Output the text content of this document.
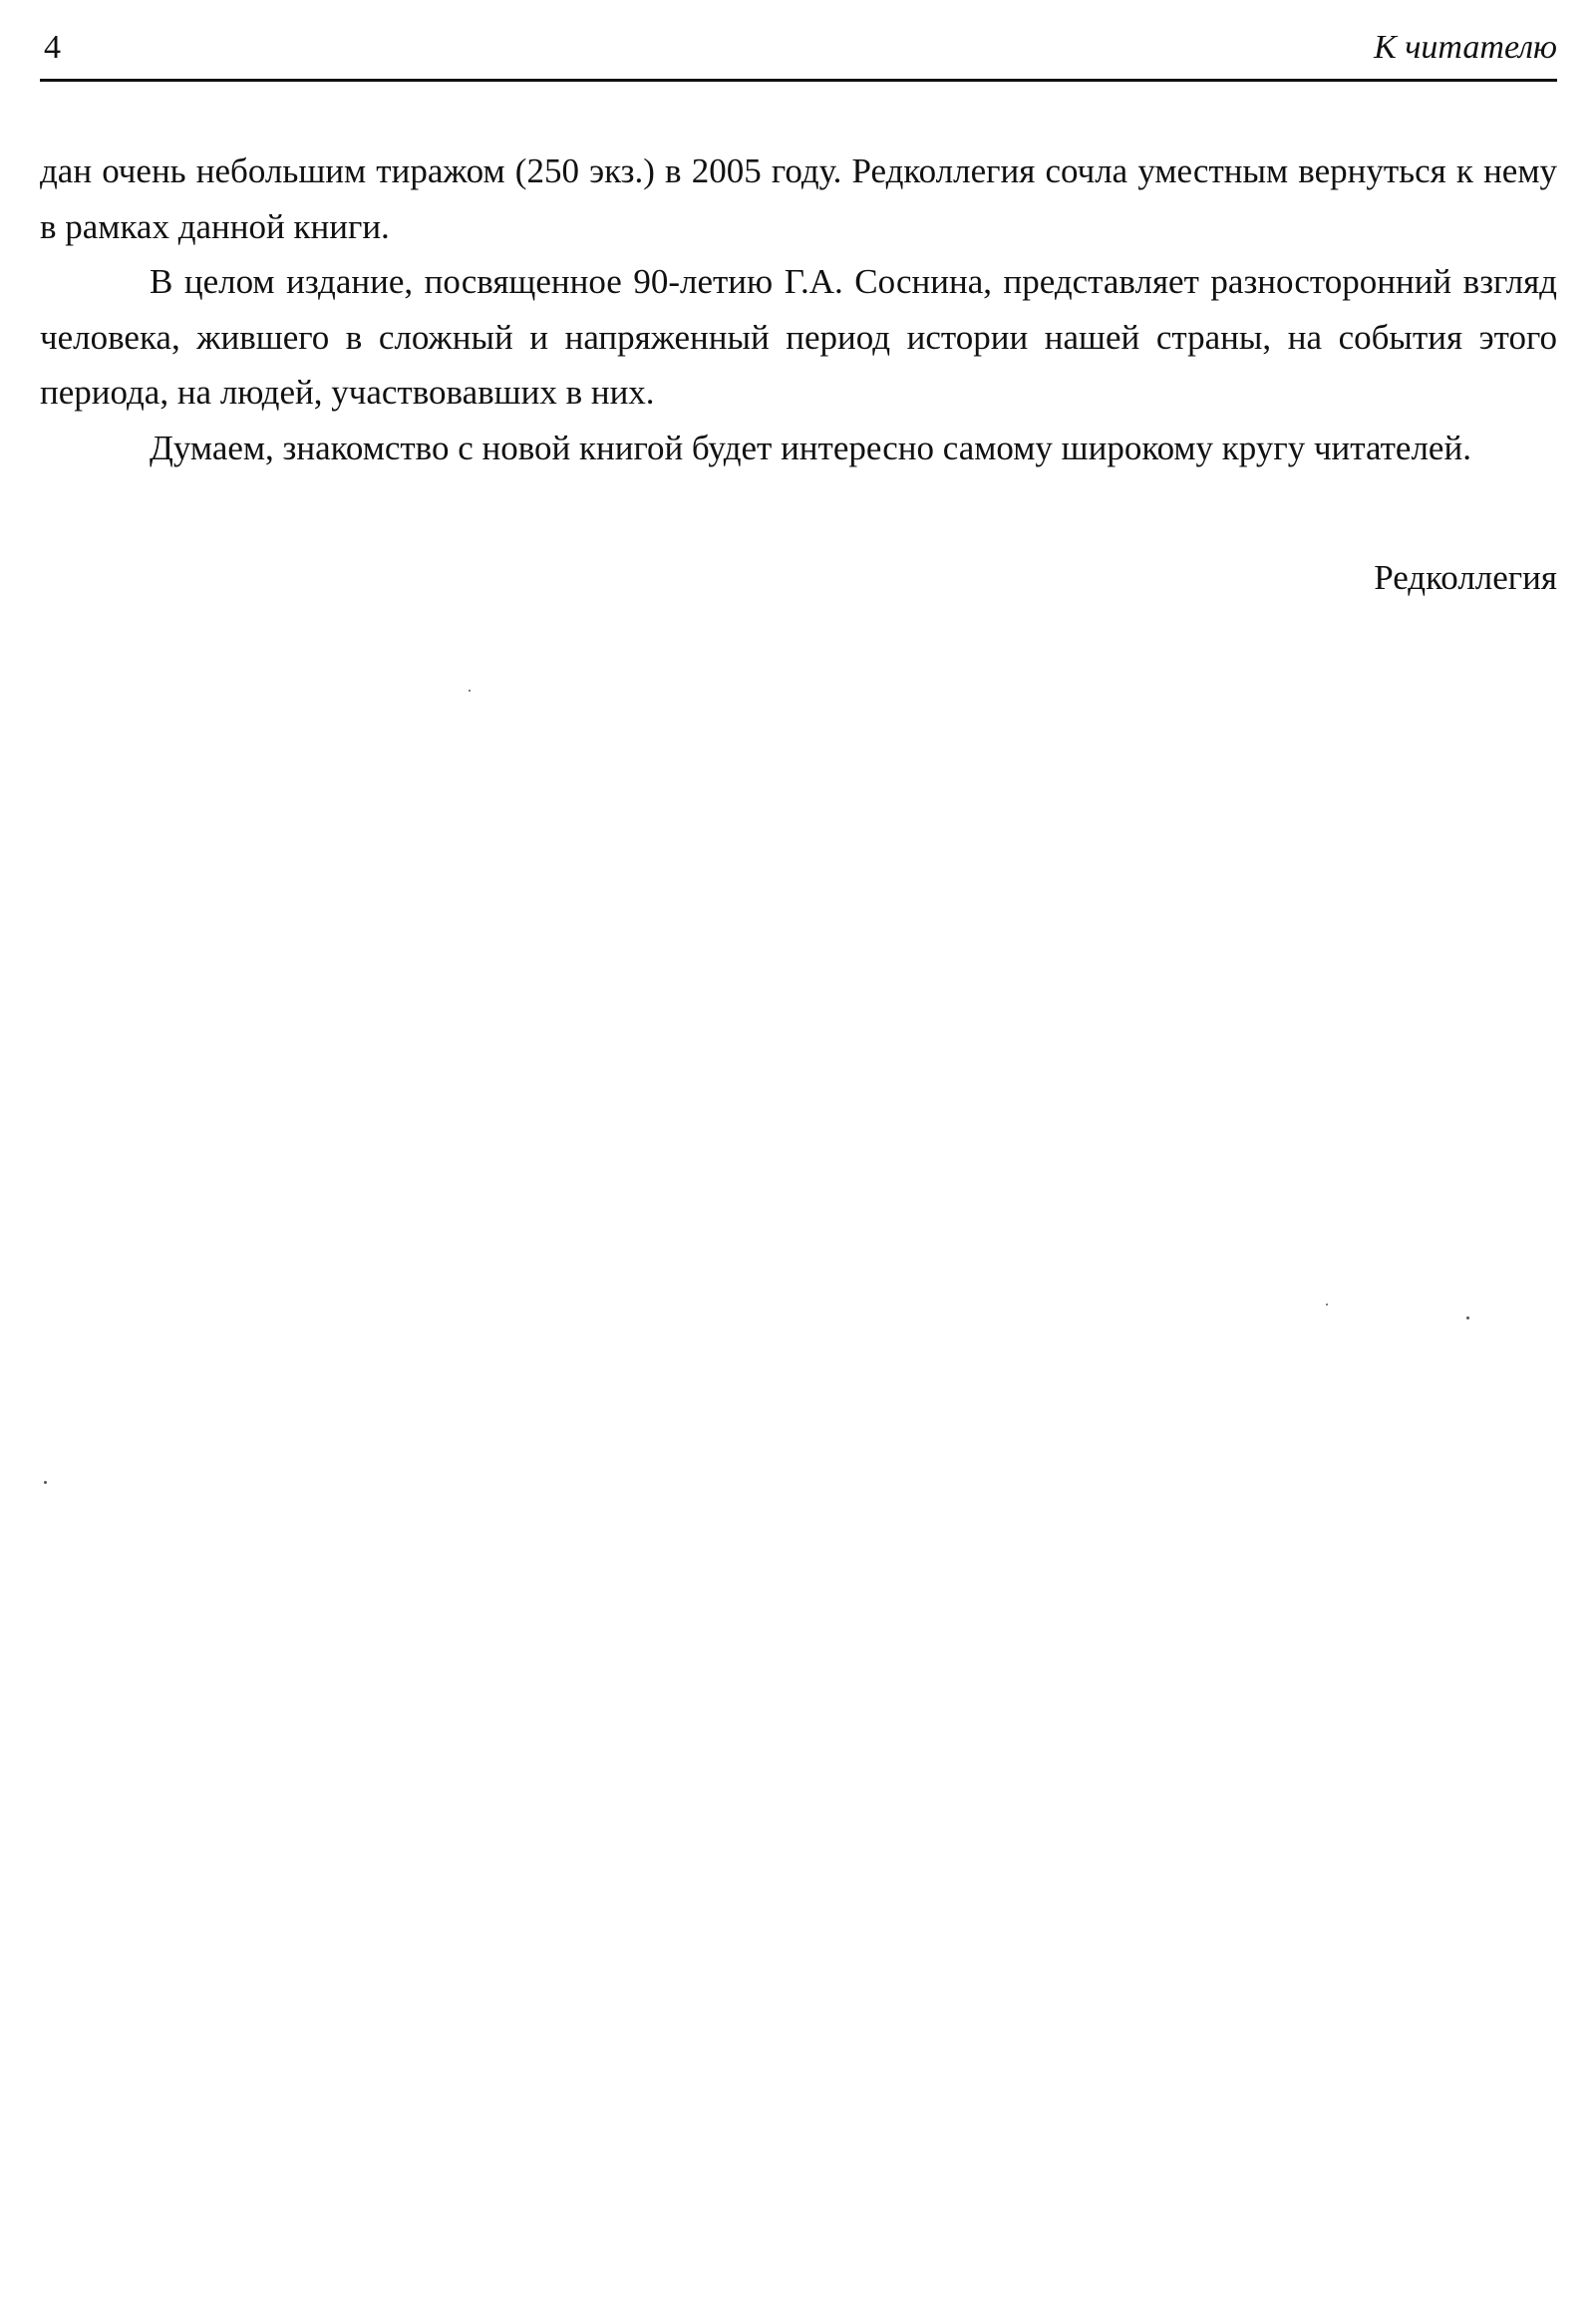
4	К читателю

дан очень небольшим тиражом (250 экз.) в 2005 году. Редколлегия сочла уместным вернуться к нему в рамках данной книги.

В целом издание, посвященное 90-летию Г.А. Соснина, представляет разносторонний взгляд человека, жившего в сложный и напряженный период истории нашей страны, на события этого периода, на людей, участвовавших в них.

Думаем, знакомство с новой книгой будет интересно самому широкому кругу читателей.

Редколлегия
